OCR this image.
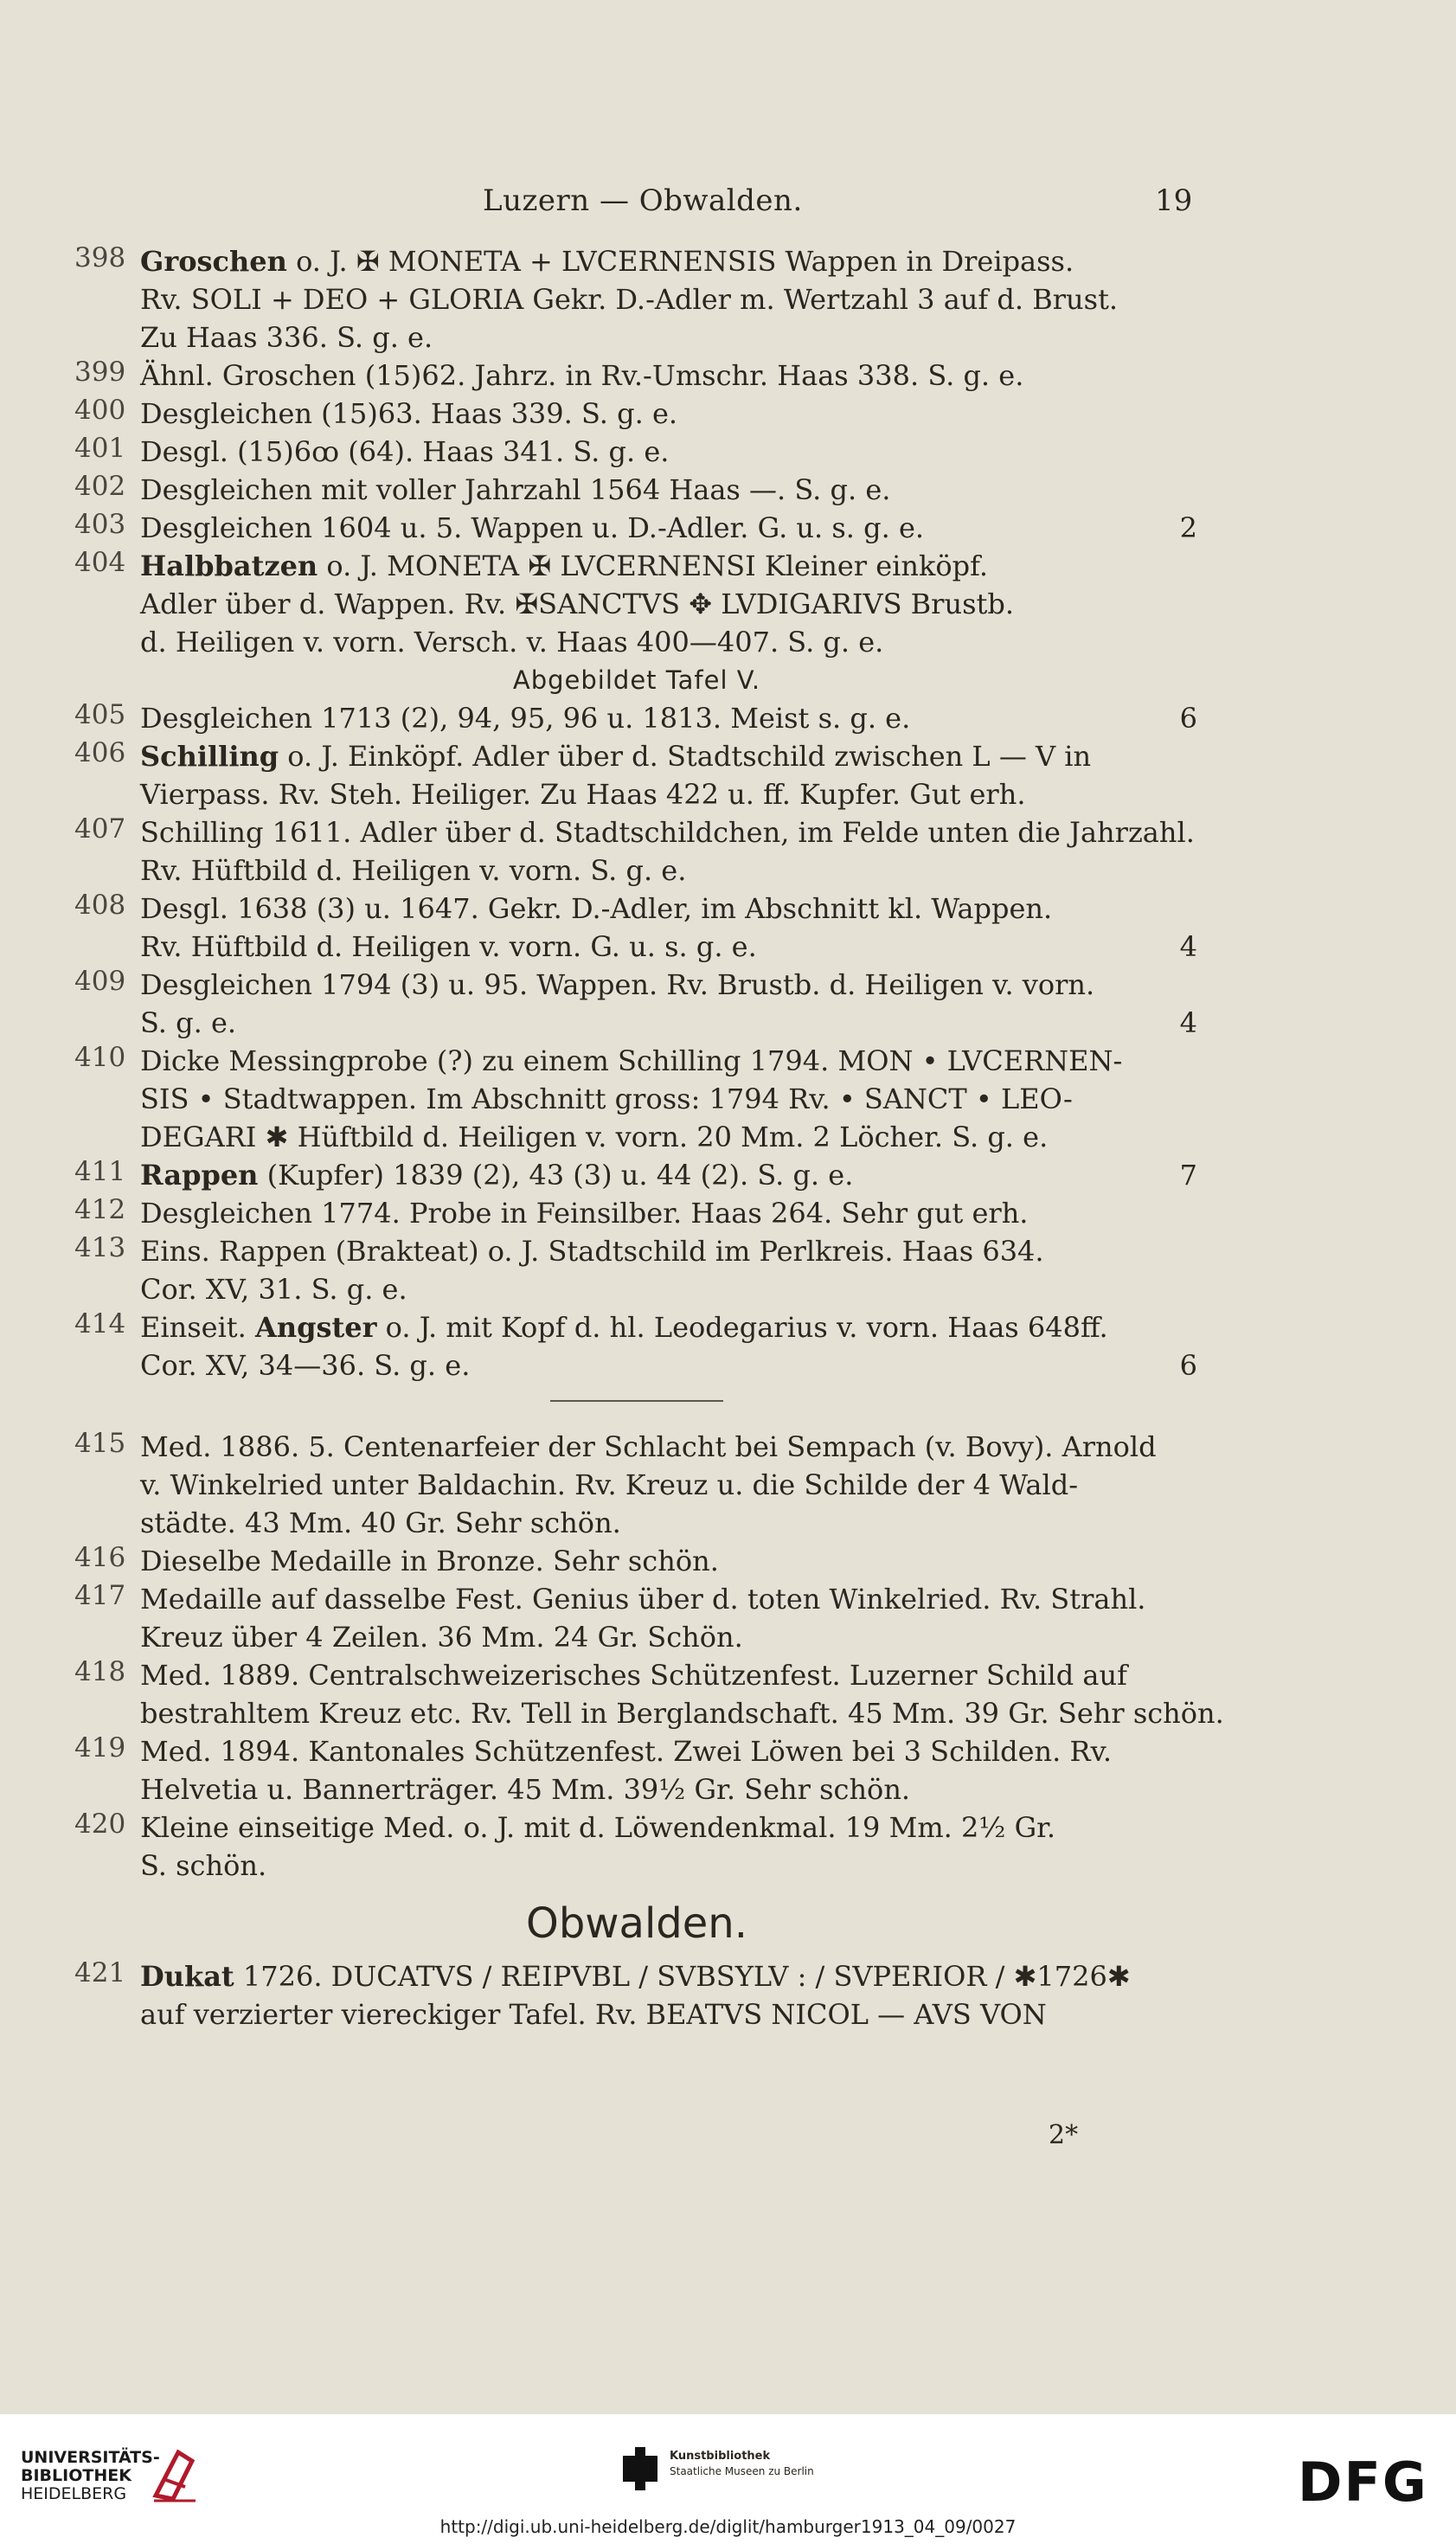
Luzern — Obwalden.	19
398 Groschen o. J. ✠ MONETA + LVCERNENSIS Wappen in Dreipass.
Rv. SOLI + DEO + GLORIA Gekr. D.-Adler m. Wertzahl 3 auf d. Brust.
Zu Haas 336. S. g. e.
399 Ähnl. Groschen (15)62. Jahrz. in Rv.-Umschr. Haas 338. S. g. e.
400 Desgleichen (15)63. Haas 339. S. g. e.
401 Desgl. (15)6ꝏ (64). Haas 341. S. g. e.
402 Desgleichen mit voller Jahrzahl 1564 Haas —. S. g. e.
403 Desgleichen 1604 u. 5. Wappen u. D.-Adler. G. u. s. g. e.	2
404 Halbbatzen o. J. MONETA ✠ LVCERNENSI Kleiner einköpf.
Adler über d. Wappen. Rv. ✠SANCTVS ✥ LVDIGARIVS Brustb.
d. Heiligen v. vorn. Versch. v. Haas 400—407. S. g. e.
Abgebildet Tafel V.
405 Desgleichen 1713 (2), 94, 95, 96 u. 1813. Meist s. g. e.	6
406 Schilling o. J. Einköpf. Adler über d. Stadtschild zwischen L — V in
Vierpass. Rv. Steh. Heiliger. Zu Haas 422 u. ff. Kupfer. Gut erh.
407 Schilling 1611. Adler über d. Stadtschildchen, im Felde unten die Jahrzahl.
Rv. Hüftbild d. Heiligen v. vorn. S. g. e.
408 Desgl. 1638 (3) u. 1647. Gekr. D.-Adler, im Abschnitt kl. Wappen.
Rv. Hüftbild d. Heiligen v. vorn. G. u. s. g. e.	4
409 Desgleichen 1794 (3) u. 95. Wappen. Rv. Brustb. d. Heiligen v. vorn.
S. g. e.	4
410 Dicke Messingprobe (?) zu einem Schilling 1794. MON • LVCERNEN-
SIS • Stadtwappen. Im Abschnitt gross: 1794 Rv. • SANCT • LEO-
DEGARI ✱ Hüftbild d. Heiligen v. vorn. 20 Mm. 2 Löcher. S. g. e.
411 Rappen (Kupfer) 1839 (2), 43 (3) u. 44 (2). S. g. e.	7
412 Desgleichen 1774. Probe in Feinsilber. Haas 264. Sehr gut erh.
413 Eins. Rappen (Brakteat) o. J. Stadtschild im Perlkreis. Haas 634.
Cor. XV, 31. S. g. e.
414 Einseit. Angster o. J. mit Kopf d. hl. Leodegarius v. vorn. Haas 648ff.
Cor. XV, 34—36. S. g. e.	6
415 Med. 1886. 5. Centenarfeier der Schlacht bei Sempach (v. Bovy). Arnold
v. Winkelried unter Baldachin. Rv. Kreuz u. die Schilde der 4 Wald-
städte. 43 Mm. 40 Gr. Sehr schön.
416 Dieselbe Medaille in Bronze. Sehr schön.
417 Medaille auf dasselbe Fest. Genius über d. toten Winkelried. Rv. Strahl.
Kreuz über 4 Zeilen. 36 Mm. 24 Gr. Schön.
418 Med. 1889. Centralschweizerisches Schützenfest. Luzerner Schild auf
bestrahltem Kreuz etc. Rv. Tell in Berglandschaft. 45 Mm. 39 Gr. Sehr schön.
419 Med. 1894. Kantonales Schützenfest. Zwei Löwen bei 3 Schilden. Rv.
Helvetia u. Bannerträger. 45 Mm. 39½ Gr. Sehr schön.
420 Kleine einseitige Med. o. J. mit d. Löwendenkmal. 19 Mm. 2½ Gr.
S. schön.
Obwalden.
421 Dukat 1726. DUCATVS / REIPVBL / SVBSYLV : / SVPERIOR / ✱1726✱
auf verzierter viereckiger Tafel. Rv. BEATVS NICOL — AVS VON
2*
UNIVERSITÄTS-
BIBLIOTHEK
HEIDELBERG
Kunstbibliothek
Staatliche Museen zu Berlin	DFG
http://digi.ub.uni-heidelberg.de/diglit/hamburger1913_04_09/0027
